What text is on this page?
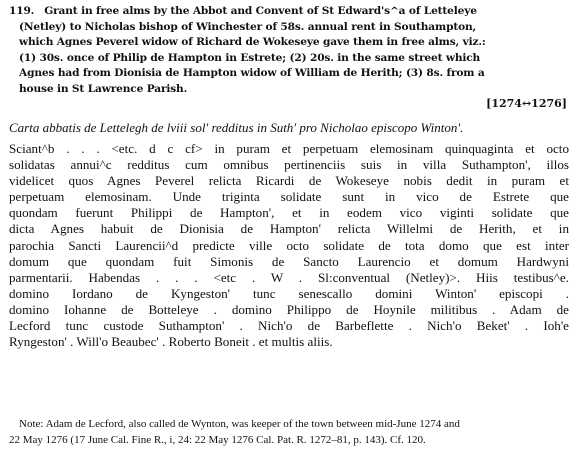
119. Grant in free alms by the Abbot and Convent of St Edward's^a of Letteleye
(Netley) to Nicholas bishop of Winchester of 58s. annual rent in Southampton,
which Agnes Peverel widow of Richard de Wokeseye gave them in free alms, viz.:
(1) 30s. once of Philip de Hampton in Estrete; (2) 20s. in the same street which
Agnes had from Dionisia de Hampton widow of William de Herith; (3) 8s. from a
house in St Lawrence Parish.
[1274↔1276]
Carta abbatis de Lettelegh de lviii sol' redditus in Suth' pro Nicholao episcopo Winton'.
Sciant^b . . . <etc. d c cf> in puram et perpetuam elemosinam quinquaginta et octo
solidatas annui^c redditus cum omnibus pertinenciis suis in villa Suthampton', illos
videlicet quos Agnes Peverel relicta Ricardi de Wokeseye nobis dedit in puram et
perpetuam elemosinam. Unde triginta solidate sunt in vico de Estrete que
quondam fuerunt Philippi de Hampton', et in eodem vico viginti solidate que
dicta Agnes habuit de Dionisia de Hampton' relicta Willelmi de Herith, et in
parochia Sancti Laurencii^d predicte ville octo solidate de tota domo que est inter
domum que quondam fuit Simonis de Sancto Laurencio et domum Hardwyni
parmentarii. Habendas . . . <etc . W . Sl:conventual (Netley)>. Hiis testibus^e.
domino Iordano de Kyngeston' tunc senescallo domini Winton' episcopi .
domino Iohanne de Botteleye . domino Philippo de Hoynile militibus . Adam de
Lecford tunc custode Suthampton' . Nich'o de Barbeflette . Nich'o Beket' . Ioh'e
Ryngeston' . Will'o Beaubec' . Roberto Boneit . et multis aliis.
Note: Adam de Lecford, also called de Wynton, was keeper of the town between mid-June 1274 and
22 May 1276 (17 June Cal. Fine R., i, 24: 22 May 1276 Cal. Pat. R. 1272–81, p. 143). Cf. 120.
